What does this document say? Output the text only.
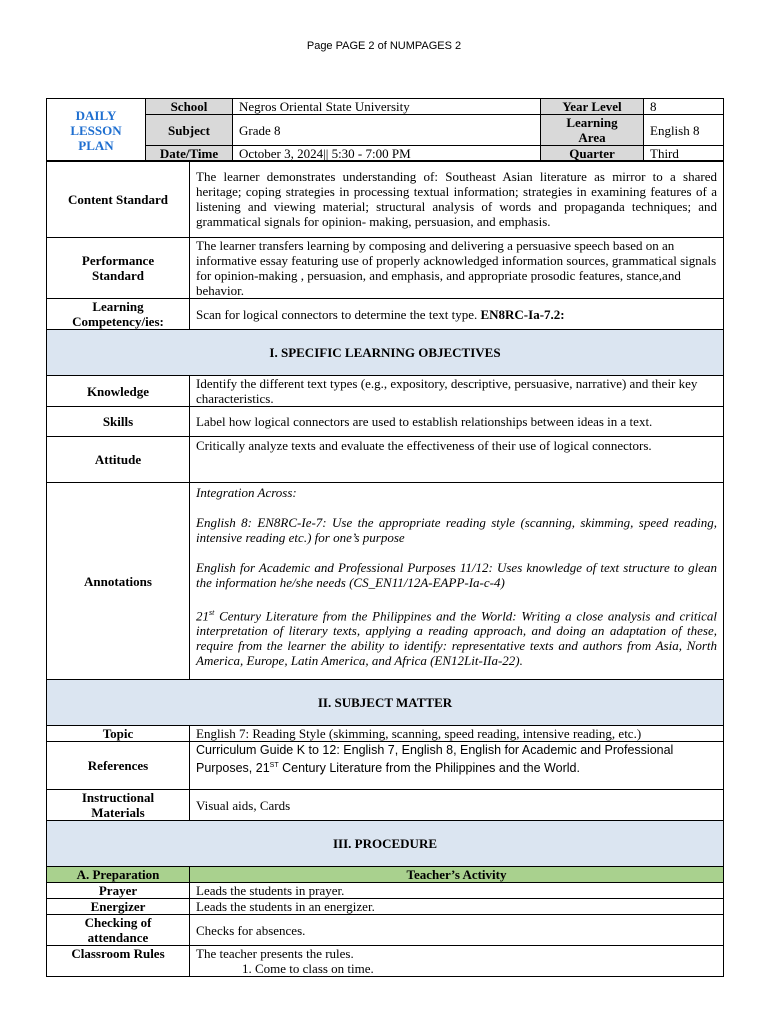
Page PAGE 2 of NUMPAGES 2
DAILY
LESSON
PLAN	School	Negros Oriental State University	Year Level	8
	Subject	Grade 8	Learning
Area	English 8
	Date/Time	October 3, 2024|| 5:30 - 7:00 PM	Quarter	Third
Content Standard	The learner demonstrates understanding of: Southeast Asian literature as mirror to a shared heritage; coping strategies in processing textual information; strategies in examining features of a listening and viewing material; structural analysis of words and propaganda techniques; and grammatical signals for opinion- making, persuasion, and emphasis.

Performance
Standard	The learner transfers learning by composing and delivering a persuasive speech based on an informative essay featuring use of properly acknowledged information sources, grammatical signals for opinion-making , persuasion, and emphasis, and appropriate prosodic features, stance,and behavior.

Learning
Competency/ies:	Scan for logical connectors to determine the text type. EN8RC-Ia-7.2:
I. SPECIFIC LEARNING OBJECTIVES	
Knowledge	Identify the different text types (e.g., expository, descriptive, persuasive, narrative) and their key characteristics.
Skills	Label how logical connectors are used to establish relationships between ideas in a text.
Attitude	Critically analyze texts and evaluate the effectiveness of their use of logical connectors.
Annotations	Integration Across:

English 8: EN8RC-Ie-7: Use the appropriate reading style (scanning, skimming, speed reading, intensive reading etc.) for one’s purpose

English for Academic and Professional Purposes 11/12: Uses knowledge of text structure to glean the information he/she needs (CS_EN11/12A-EAPP-Ia-c-4)

21st Century Literature from the Philippines and the World: Writing a close analysis and critical interpretation of literary texts, applying a reading approach, and doing an adaptation of these, require from the learner the ability to identify: representative texts and authors from Asia, North America, Europe, Latin America, and Africa (EN12Lit-IIa-22).

II. SUBJECT MATTER	
Topic	English 7: Reading Style (skimming, scanning, speed reading, intensive reading, etc.)
References	Curriculum Guide K to 12: English 7, English 8, English for Academic and Professional Purposes, 21ST Century Literature from the Philippines and the World.

Instructional
Materials	Visual aids, Cards
III. PROCEDURE	
A. Preparation	Teacher’s Activity
Prayer	Leads the students in prayer.
Energizer	Leads the students in an energizer.
Checking of attendance	Checks for absences.
Classroom Rules	The teacher presents the rules.
1. Come to class on time.
